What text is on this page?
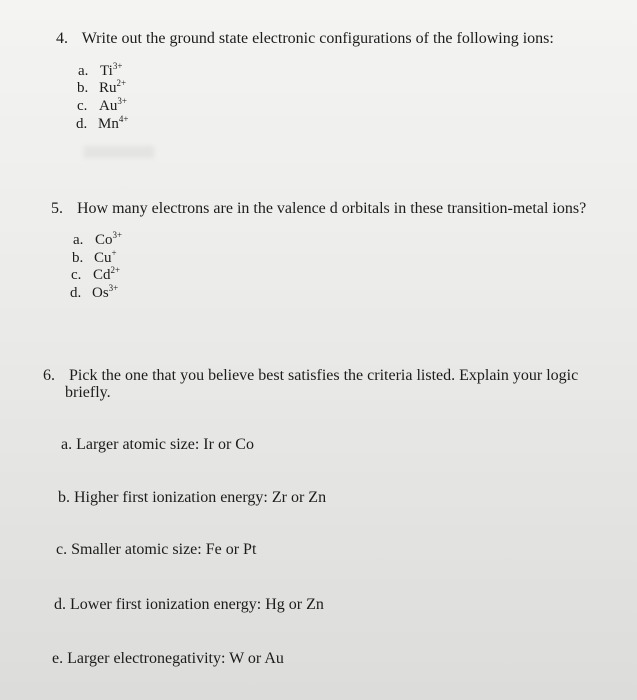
4. Write out the ground state electronic configurations of the following ions:
a. $Ti^{3+}$
b. $Ru^{2+}$
c. $Au^{3+}$
d. $Mn^{4+}$
5. How many electrons are in the valence d orbitals in these transition-metal ions?
a. $Co^{3+}$
b. Cu+
c. $Cd^{2+}$
d. $Os^{3+}$
6. Pick the one that you believe best satisfies the criteria listed. Explain your logic
briefly.
a. Larger atomic size: Ir or Co
b. Higher first ionization energy: Zr or Zn
c. Smaller atomic size: Fe or Pt
d. Lower first ionization energy: Hg or Zn
e. Larger electronegativity: W or Au
